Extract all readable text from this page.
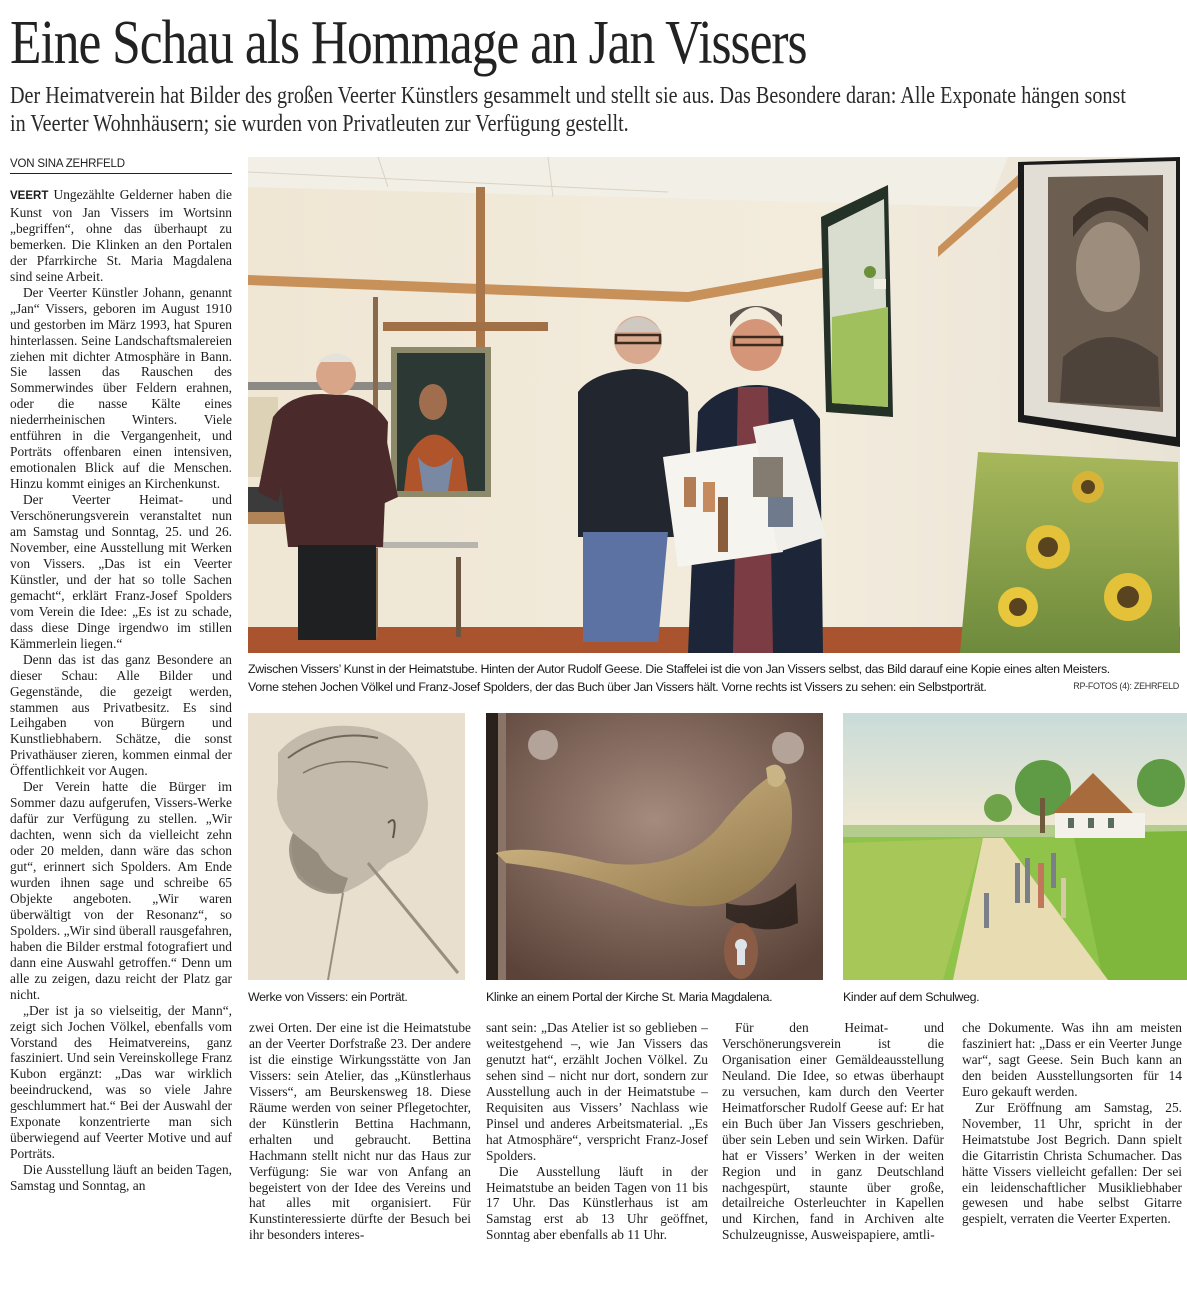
Eine Schau als Hommage an Jan Vissers

Der Heimatverein hat Bilder des großen Veerter Künstlers gesammelt und stellt sie aus. Das Besondere daran: Alle Exponate hängen sonst in Veerter Wohnhäusern; sie wurden von Privatleuten zur Verfügung gestellt.

VON SINA ZEHRFELD

VEERT Ungezählte Gelderner haben die Kunst von Jan Vissers im Wortsinn „begriffen“, ohne das überhaupt zu bemerken. Die Klinken an den Portalen der Pfarrkirche St. Maria Magdalena sind seine Arbeit.

Der Veerter Künstler Johann, genannt „Jan“ Vissers, geboren im August 1910 und gestorben im März 1993, hat Spuren hinterlassen. Seine Landschaftsmalereien ziehen mit dichter Atmosphäre in Bann. Sie lassen das Rauschen des Sommerwindes über Feldern erahnen, oder die nasse Kälte eines niederrheinischen Winters. Viele entführen in die Vergangenheit, und Porträts offenbaren einen intensiven, emotionalen Blick auf die Menschen. Hinzu kommt einiges an Kirchenkunst.

Der Veerter Heimat- und Verschönerungsverein veranstaltet nun am Samstag und Sonntag, 25. und 26. November, eine Ausstellung mit Werken von Vissers. „Das ist ein Veerter Künstler, und der hat so tolle Sachen gemacht“, erklärt Franz-Josef Spolders vom Verein die Idee: „Es ist zu schade, dass diese Dinge irgendwo im stillen Kämmerlein liegen.“

Denn das ist das ganz Besondere an dieser Schau: Alle Bilder und Gegenstände, die gezeigt werden, stammen aus Privatbesitz. Es sind Leihgaben von Bürgern und Kunstliebhabern. Schätze, die sonst Privathäuser zieren, kommen einmal der Öffentlichkeit vor Augen.

Der Verein hatte die Bürger im Sommer dazu aufgerufen, Vissers-Werke dafür zur Verfügung zu stellen. „Wir dachten, wenn sich da vielleicht zehn oder 20 melden, dann wäre das schon gut“, erinnert sich Spolders. Am Ende wurden ihnen sage und schreibe 65 Objekte angeboten. „Wir waren überwältigt von der Resonanz“, so Spolders. „Wir sind überall rausgefahren, haben die Bilder erstmal fotografiert und dann eine Auswahl getroffen.“ Denn um alle zu zeigen, dazu reicht der Platz gar nicht.

„Der ist ja so vielseitig, der Mann“, zeigt sich Jochen Völkel, ebenfalls vom Vorstand des Heimatvereins, ganz fasziniert. Und sein Vereinskollege Franz Kubon ergänzt: „Das war wirklich beeindruckend, was so viele Jahre geschlummert hat.“ Bei der Auswahl der Exponate konzentrierte man sich überwiegend auf Veerter Motive und auf Porträts.

Die Ausstellung läuft an beiden Tagen, Samstag und Sonntag, an

Zwischen Vissers’ Kunst in der Heimatstube. Hinten der Autor Rudolf Geese. Die Staffelei ist die von Jan Vissers selbst, das Bild darauf eine Kopie eines alten Meisters.
Vorne stehen Jochen Völkel und Franz-Josef Spolders, der das Buch über Jan Vissers hält. Vorne rechts ist Vissers zu sehen: ein Selbstporträt.	RP-FOTOS (4): ZEHRFELD
Werke von Vissers: ein Porträt.	Klinke an einem Portal der Kirche St. Maria Magdalena.	Kinder auf dem Schulweg.

zwei Orten. Der eine ist die Heimatstube an der Veerter Dorfstraße 23. Der andere ist die einstige Wirkungsstätte von Jan Vissers: sein Atelier, das „Künstlerhaus Vissers“, am Beurskensweg 18. Diese Räume werden von seiner Pflegetochter, der Künstlerin Bettina Hachmann, erhalten und gebraucht. Bettina Hachmann stellt nicht nur das Haus zur Verfügung: Sie war von Anfang an begeistert von der Idee des Vereins und hat alles mit organisiert. Für Kunstinteressierte dürfte der Besuch bei ihr besonders interes-

sant sein: „Das Atelier ist so geblieben – weitestgehend –, wie Jan Vissers das genutzt hat“, erzählt Jochen Völkel. Zu sehen sind – nicht nur dort, sondern zur Ausstellung auch in der Heimatstube – Requisiten aus Vissers’ Nachlass wie Pinsel und anderes Arbeitsmaterial. „Es hat Atmosphäre“, verspricht Franz-Josef Spolders.

Die Ausstellung läuft in der Heimatstube an beiden Tagen von 11 bis 17 Uhr. Das Künstlerhaus ist am Samstag erst ab 13 Uhr geöffnet, Sonntag aber ebenfalls ab 11 Uhr.

Für den Heimat- und Verschönerungsverein ist die Organisation einer Gemäldeausstellung Neuland. Die Idee, so etwas überhaupt zu versuchen, kam durch den Veerter Heimatforscher Rudolf Geese auf: Er hat ein Buch über Jan Vissers geschrieben, über sein Leben und sein Wirken. Dafür hat er Vissers’ Werken in der weiten Region und in ganz Deutschland nachgespürt, staunte über große, detailreiche Osterleuchter in Kapellen und Kirchen, fand in Archiven alte Schulzeugnisse, Ausweispapiere, amtli-

che Dokumente. Was ihn am meisten fasziniert hat: „Dass er ein Veerter Junge war“, sagt Geese. Sein Buch kann an den beiden Ausstellungsorten für 14 Euro gekauft werden.

Zur Eröffnung am Samstag, 25. November, 11 Uhr, spricht in der Heimatstube Jost Begrich. Dann spielt die Gitarristin Christa Schumacher. Das hätte Vissers vielleicht gefallen: Der sei ein leidenschaftlicher Musikliebhaber gewesen und habe selbst Gitarre gespielt, verraten die Veerter Experten.
